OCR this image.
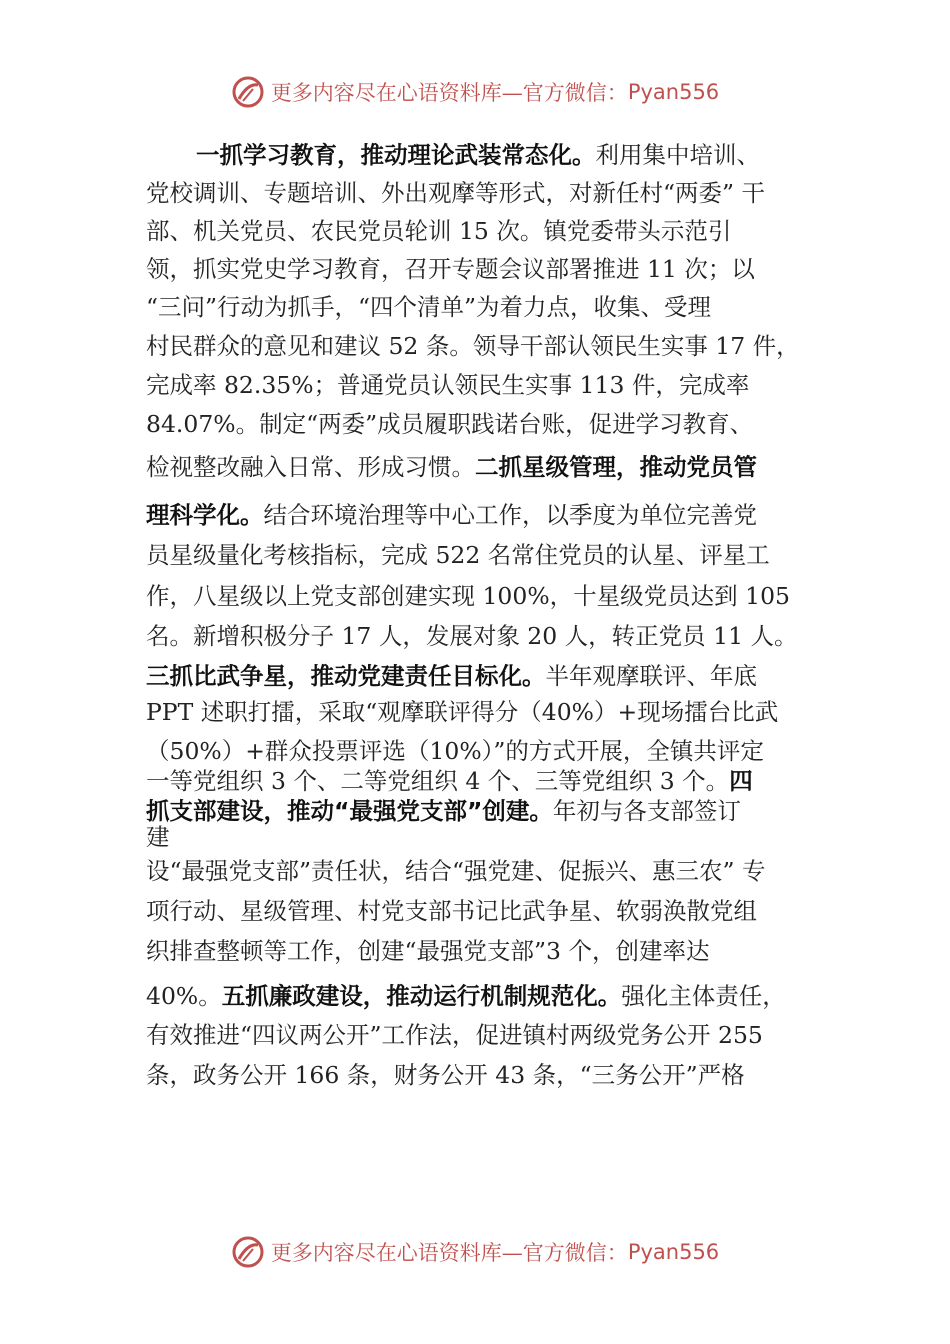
更多内容尽在心语资料库—官方微信： Pyan556
一抓学习教育，推动理论武装常态化。利用集中培训、
党校调训、专题培训、外出观摩等形式，对新任村“两委” 干
部、机关党员、农民党员轮训 15 次。镇党委带头示范引
领，抓实党史学习教育，召开专题会议部署推进 11 次；以
“三问”行动为抓手，“四个清单”为着力点，收集、受理
村民群众的意见和建议 52 条。领导干部认领民生实事 17 件，
完成率 82.35%；普通党员认领民生实事 113 件，完成率
84.07%。制定“两委”成员履职践诺台账，促进学习教育、
检视整改融入日常、形成习惯。二抓星级管理，推动党员管
理科学化。结合环境治理等中心工作，以季度为单位完善党
员星级量化考核指标，完成 522 名常住党员的认星、评星工
作，八星级以上党支部创建实现 100%，十星级党员达到 105
名。新增积极分子 17 人，发展对象 20 人，转正党员 11 人。
三抓比武争星，推动党建责任目标化。半年观摩联评、年底
PPT 述职打擂，采取“观摩联评得分（40%）+现场擂台比武
（50%）+群众投票评选（10%）”的方式开展，全镇共评定
一等党组织 3 个、二等党组织 4 个、三等党组织 3 个。四
抓支部建设，推动“最强党支部”创建。年初与各支部签订
建
设“最强党支部”责任状，结合“强党建、促振兴、惠三农” 专
项行动、星级管理、村党支部书记比武争星、软弱涣散党组
织排查整顿等工作，创建“最强党支部”3 个，创建率达
40%。五抓廉政建设，推动运行机制规范化。强化主体责任，
有效推进“四议两公开”工作法，促进镇村两级党务公开 255
条，政务公开 166 条，财务公开 43 条，“三务公开”严格
更多内容尽在心语资料库—官方微信： Pyan556
